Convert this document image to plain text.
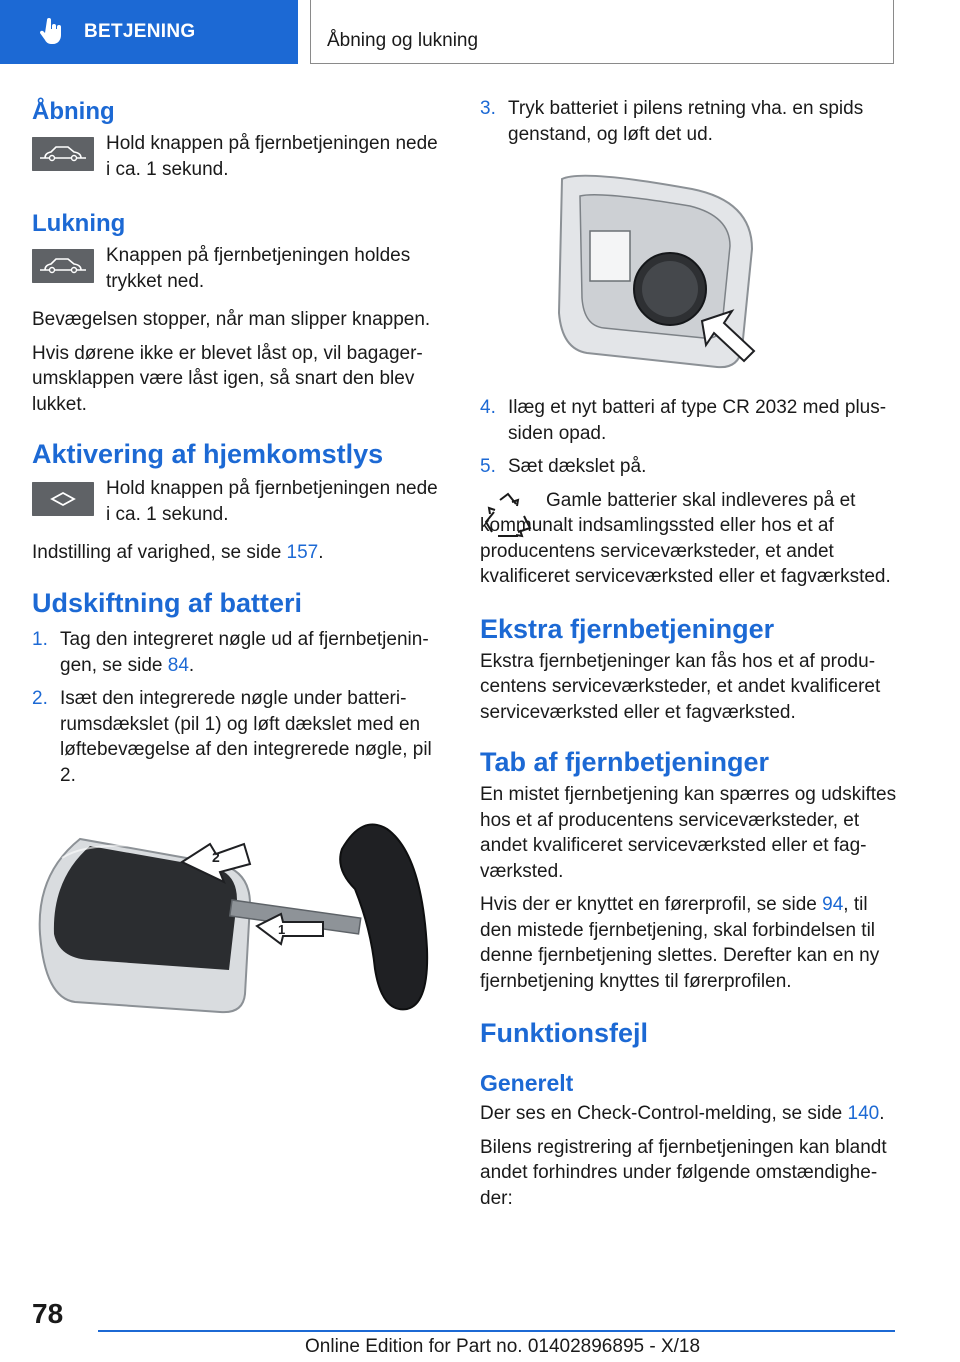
BETJENING	Åbning og lukning
Åbning

Hold knappen på fjernbetjeningen nede i ca. 1 sekund.

Lukning

Knappen på fjernbetjeningen holdes trykket ned.

Bevægelsen stopper, når man slipper knappen.

Hvis dørene ikke er blevet låst op, vil bagagerumsklappen være låst igen, så snart den blev lukket.

Aktivering af hjemkomstlys

Hold knappen på fjernbetjeningen nede i ca. 1 sekund.

Indstilling af varighed, se side 157.

Udskiftning af batteri
1. Tag den integreret nøgle ud af fjernbetjeningen, se side 84.
2. Isæt den integrerede nøgle under batterirumsdækslet (pil 1) og løft dækslet med en løftebevægelse af den integrerede nøgle, pil 2.
2
1
3. Tryk batteriet i pilens retning vha. en spids genstand, og løft det ud.
4. Ilæg et nyt batteri af type CR 2032 med plussiden opad.
5. Sæt dækslet på.

Gamle batterier skal indleveres på et kommunalt indsamlingssted eller hos et af producentens serviceværksteder, et andet kvalificeret serviceværksted eller et fagværksted.

Ekstra fjernbetjeninger

Ekstra fjernbetjeninger kan fås hos et af producentens serviceværksteder, et andet kvalificeret serviceværksted eller et fagværksted.

Tab af fjernbetjeninger

En mistet fjernbetjening kan spærres og udskiftes hos et af producentens serviceværksteder, et andet kvalificeret serviceværksted eller et fagværksted.

Hvis der er knyttet en førerprofil, se side 94, til den mistede fjernbetjening, skal forbindelsen til denne fjernbetjening slettes. Derefter kan en ny fjernbetjening knyttes til førerprofilen.

Funktionsfejl
Generelt

Der ses en Check-Control-melding, se side 140.

Bilens registrering af fjernbetjeningen kan blandt andet forhindres under følgende omstændigheder:

78
Online Edition for Part no. 01402896895 - X/18
